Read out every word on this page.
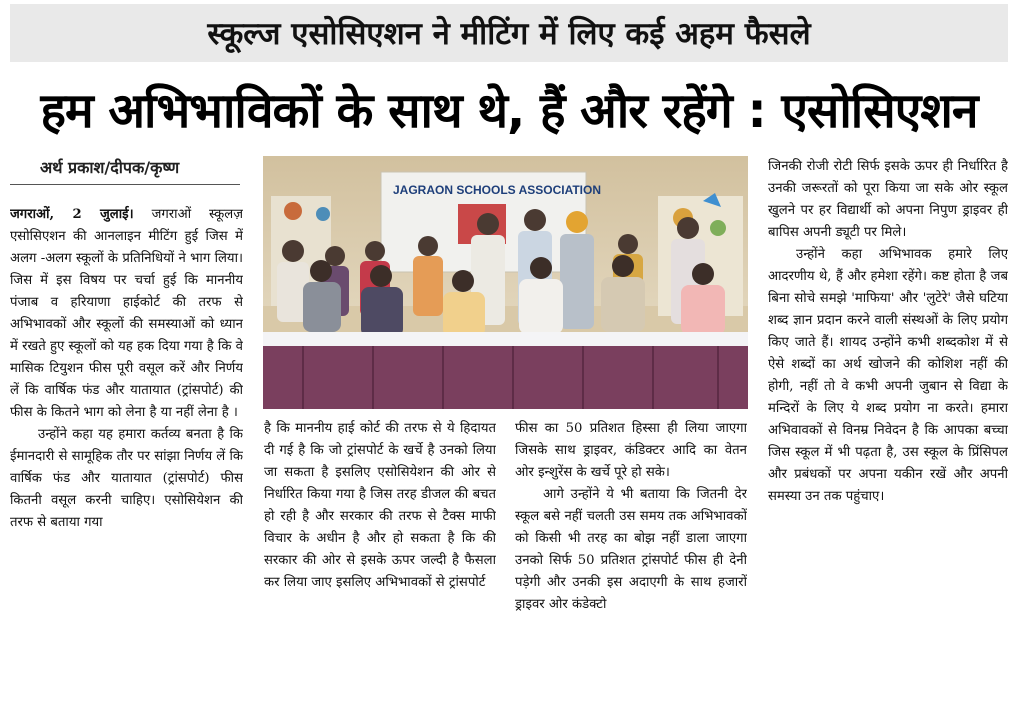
स्कूल्ज एसोसिएशन ने मीटिंग में लिए कई अहम फैसले
हम अभिभाविकों के साथ थे, हैं और रहेंगे : एसोसिएशन
अर्थ प्रकाश/दीपक/कृष्ण

जगराओं, 2 जुलाई। जगराओं स्कूलज़ एसोसिएशन की आनलाइन मीटिंग हुई जिस में अलग -अलग स्कूलों के प्रतिनिधियों ने भाग लिया। जिस में इस विषय पर चर्चा हुई कि माननीय पंजाब व हरियाणा हाईकोर्ट की तरफ से अभिभावकों और स्कूलों की समस्याओं को ध्यान में रखते हुए स्कूलों को यह हक दिया गया है कि वे मासिक टियुशन फीस पूरी वसूल करें और निर्णय लें कि वार्षिक फंड और यातायात (ट्रांसपोर्ट) की फीस के कितने भाग को लेना है या नहीं लेना है ।

उन्होंने कहा यह हमारा कर्तव्य बनता है कि ईमानदारी से सामूहिक तौर पर सांझा निर्णय लें कि वार्षिक फंड और यातायात (ट्रांसपोर्ट) फीस कितनी वसूल करनी चाहिए। एसोसियेशन की तरफ से बताया गया

JAGRAON SCHOOLS ASSOCIATION

है कि माननीय हाई कोर्ट की तरफ से ये हिदायत दी गई है कि जो ट्रांसपोर्ट के खर्चे है उनको लिया जा सकता है इसलिए एसोसियेशन की ओर से निर्धारित किया गया है जिस तरह डीजल की बचत हो रही है और सरकार की तरफ से टैक्स माफी विचार के अधीन है और हो सकता है कि की सरकार की ओर से इसके ऊपर जल्दी है फैसला कर लिया जाए इसलिए अभिभावकों से ट्रांसपोर्ट

फीस का 50 प्रतिशत हिस्सा ही लिया जाएगा जिसके साथ ड्राइवर, कंडिक्टर आदि का वेतन ओर इन्शुरेंस के खर्चे पूरे हो सके।

आगे उन्होंने ये भी बताया कि जितनी देर स्कूल बसे नहीं चलती उस समय तक अभिभावकों को किसी भी तरह का बोझ नहीं डाला जाएगा उनको सिर्फ 50 प्रतिशत ट्रांसपोर्ट फीस ही देनी पड़ेगी और उनकी इस अदाएगी के साथ हजारों ड्राइवर ओर कंडेक्टो

जिनकी रोजी रोटी सिर्फ इसके ऊपर ही निर्धारित है उनकी जरूरतों को पूरा किया जा सके ओर स्कूल खुलने पर हर विद्यार्थी को अपना निपुण ड्राइवर ही बापिस अपनी ड्यूटी पर मिले।

उन्होंने कहा अभिभावक हमारे लिए आदरणीय थे, हैं और हमेशा रहेंगे। कष्ट होता है जब बिना सोचे समझे 'माफिया' और 'लुटेरे' जैसे घटिया शब्द ज्ञान प्रदान करने वाली संस्थओं के लिए प्रयोग किए जाते हैं। शायद उन्होंने कभी शब्दकोश में से ऐसे शब्दों का अर्थ खोजने की कोशिश नहीं की होगी, नहीं तो वे कभी अपनी जुबान से विद्या के मन्दिरों के लिए ये शब्द प्रयोग ना करते। हमारा अभिवावकों से विनम्र निवेदन है कि आपका बच्चा जिस स्कूल में भी पढ़ता है, उस स्कूल के प्रिंसिपल और प्रबंधकों पर अपना यकीन रखें और अपनी समस्या उन तक पहुंचाए।
